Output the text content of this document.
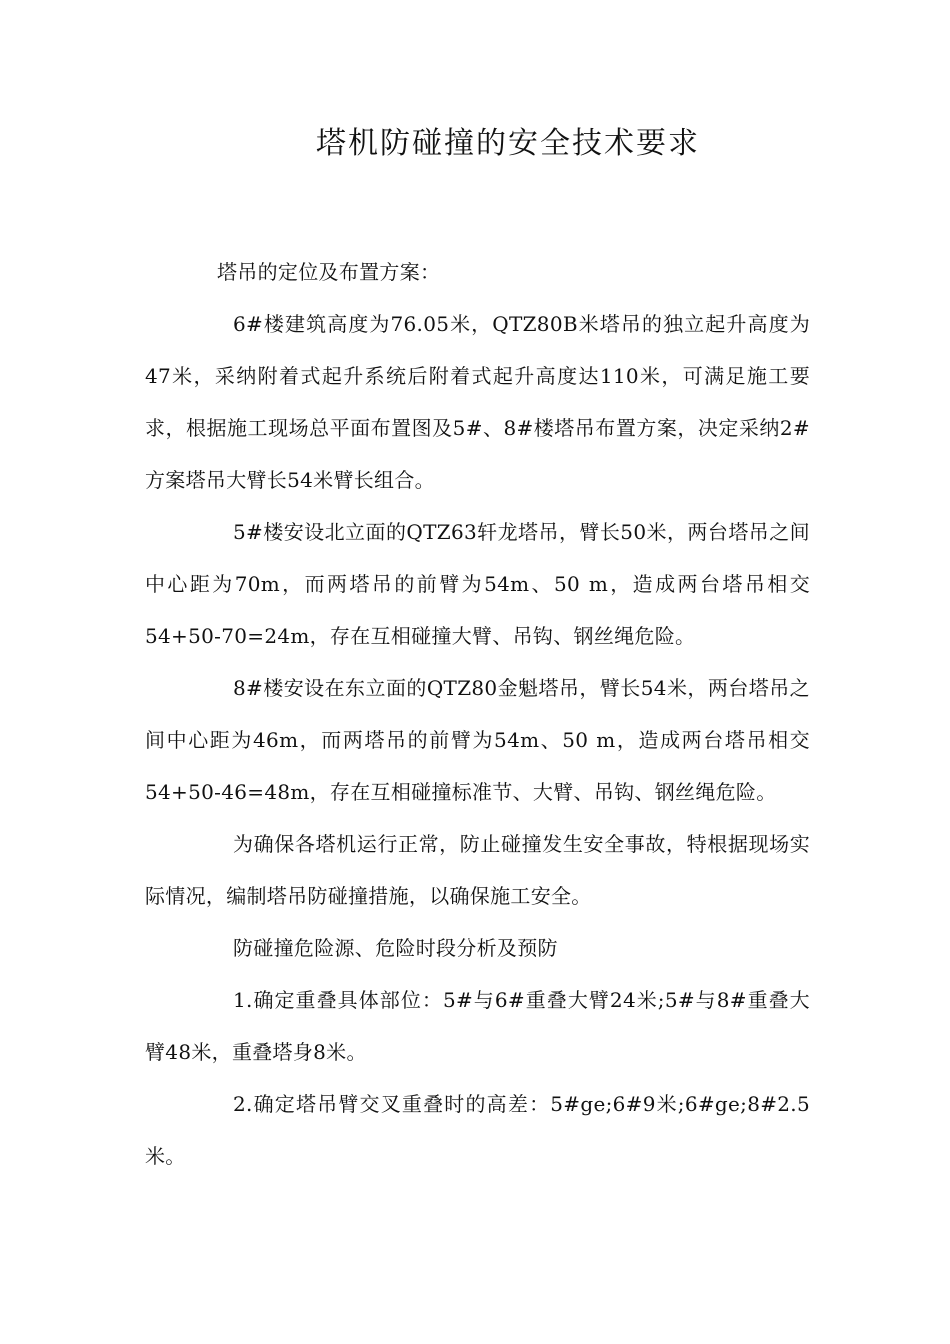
塔机防碰撞的安全技术要求

塔吊的定位及布置方案：

6#楼建筑高度为76.05米，QTZ80B米塔吊的独立起升高度为47米，采纳附着式起升系统后附着式起升高度达110米，可满足施工要求，根据施工现场总平面布置图及5#、8#楼塔吊布置方案，决定采纳2#方案塔吊大臂长54米臂长组合。

5#楼安设北立面的QTZ63轩龙塔吊，臂长50米，两台塔吊之间中心距为70m，而两塔吊的前臂为54m、50 m，造成两台塔吊相交54+50-70=24m，存在互相碰撞大臂、吊钩、钢丝绳危险。

8#楼安设在东立面的QTZ80金魁塔吊，臂长54米，两台塔吊之间中心距为46m，而两塔吊的前臂为54m、50 m，造成两台塔吊相交54+50-46=48m，存在互相碰撞标准节、大臂、吊钩、钢丝绳危险。

为确保各塔机运行正常，防止碰撞发生安全事故，特根据现场实际情况，编制塔吊防碰撞措施，以确保施工安全。

防碰撞危险源、危险时段分析及预防

1.确定重叠具体部位：5#与6#重叠大臂24米;5#与8#重叠大臂48米，重叠塔身8米。

2.确定塔吊臂交叉重叠时的高差：5#ge;6#9米;6#ge;8#2.5米。
